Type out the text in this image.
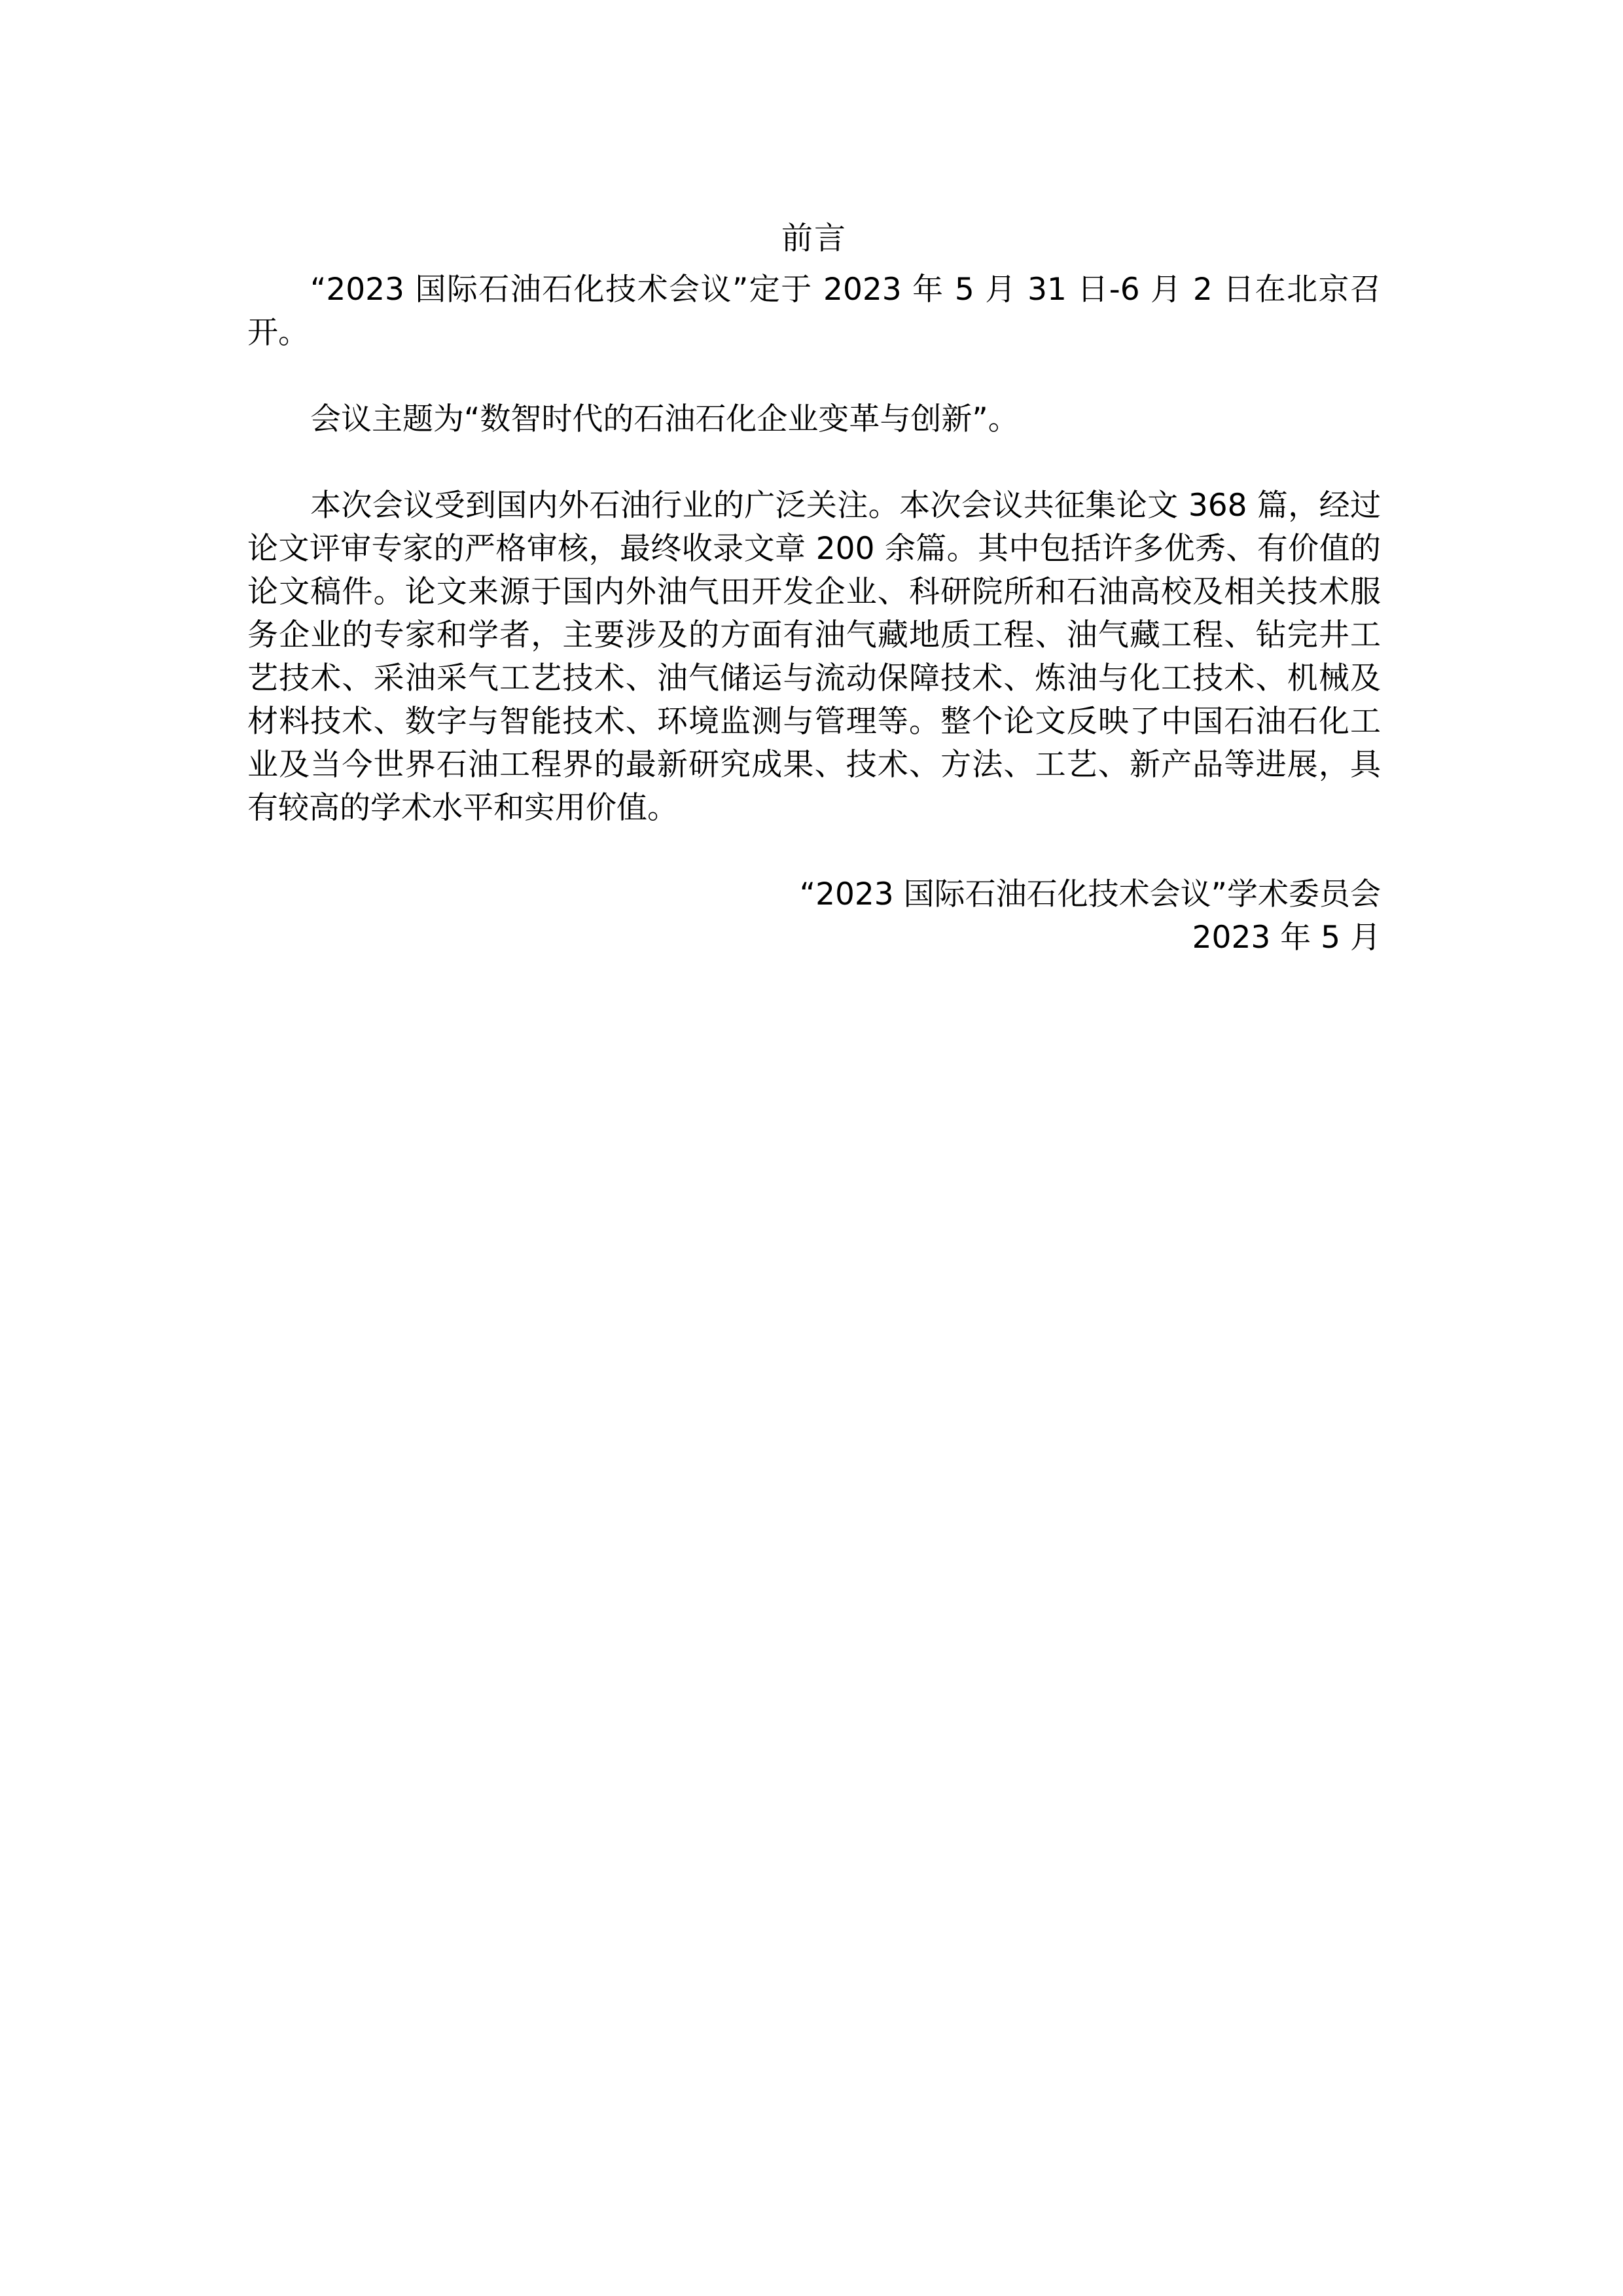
前言

“2023 国际石油石化技术会议”定于 2023 年 5 月 31 日-6 月 2 日在北京召开。

会议主题为“数智时代的石油石化企业变革与创新”。

本次会议受到国内外石油行业的广泛关注。本次会议共征集论文 368 篇，经过论文评审专家的严格审核，最终收录文章 200 余篇。其中包括许多优秀、有价值的论文稿件。论文来源于国内外油气田开发企业、科研院所和石油高校及相关技术服务企业的专家和学者，主要涉及的方面有油气藏地质工程、油气藏工程、钻完井工艺技术、采油采气工艺技术、油气储运与流动保障技术、炼油与化工技术、机械及材料技术、数字与智能技术、环境监测与管理等。整个论文反映了中国石油石化工业及当今世界石油工程界的最新研究成果、技术、方法、工艺、新产品等进展，具有较高的学术水平和实用价值。

“2023 国际石油石化技术会议”学术委员会

2023 年 5 月
